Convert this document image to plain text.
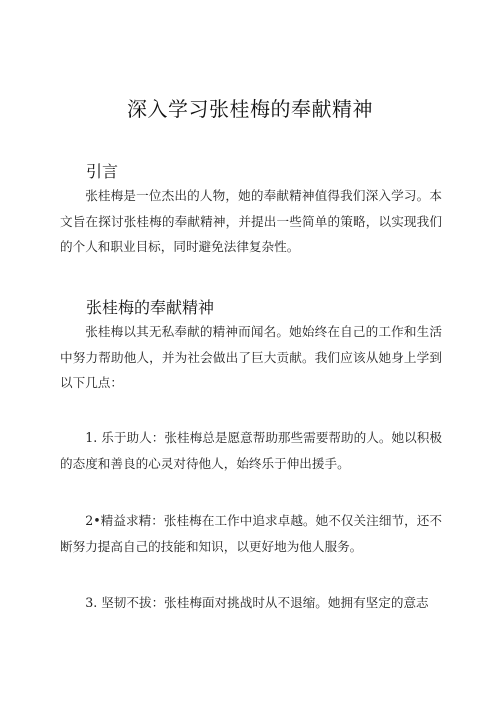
深入学习张桂梅的奉献精神
引言

张桂梅是一位杰出的人物，她的奉献精神值得我们深入学习。本文旨在探讨张桂梅的奉献精神，并提出一些简单的策略，以实现我们的个人和职业目标，同时避免法律复杂性。

张桂梅的奉献精神

张桂梅以其无私奉献的精神而闻名。她始终在自己的工作和生活中努力帮助他人，并为社会做出了巨大贡献。我们应该从她身上学到以下几点：

1. 乐于助人：张桂梅总是愿意帮助那些需要帮助的人。她以积极的态度和善良的心灵对待他人，始终乐于伸出援手。

2•精益求精：张桂梅在工作中追求卓越。她不仅关注细节，还不断努力提高自己的技能和知识，以更好地为他人服务。

3. 坚韧不拔：张桂梅面对挑战时从不退缩。她拥有坚定的意志
